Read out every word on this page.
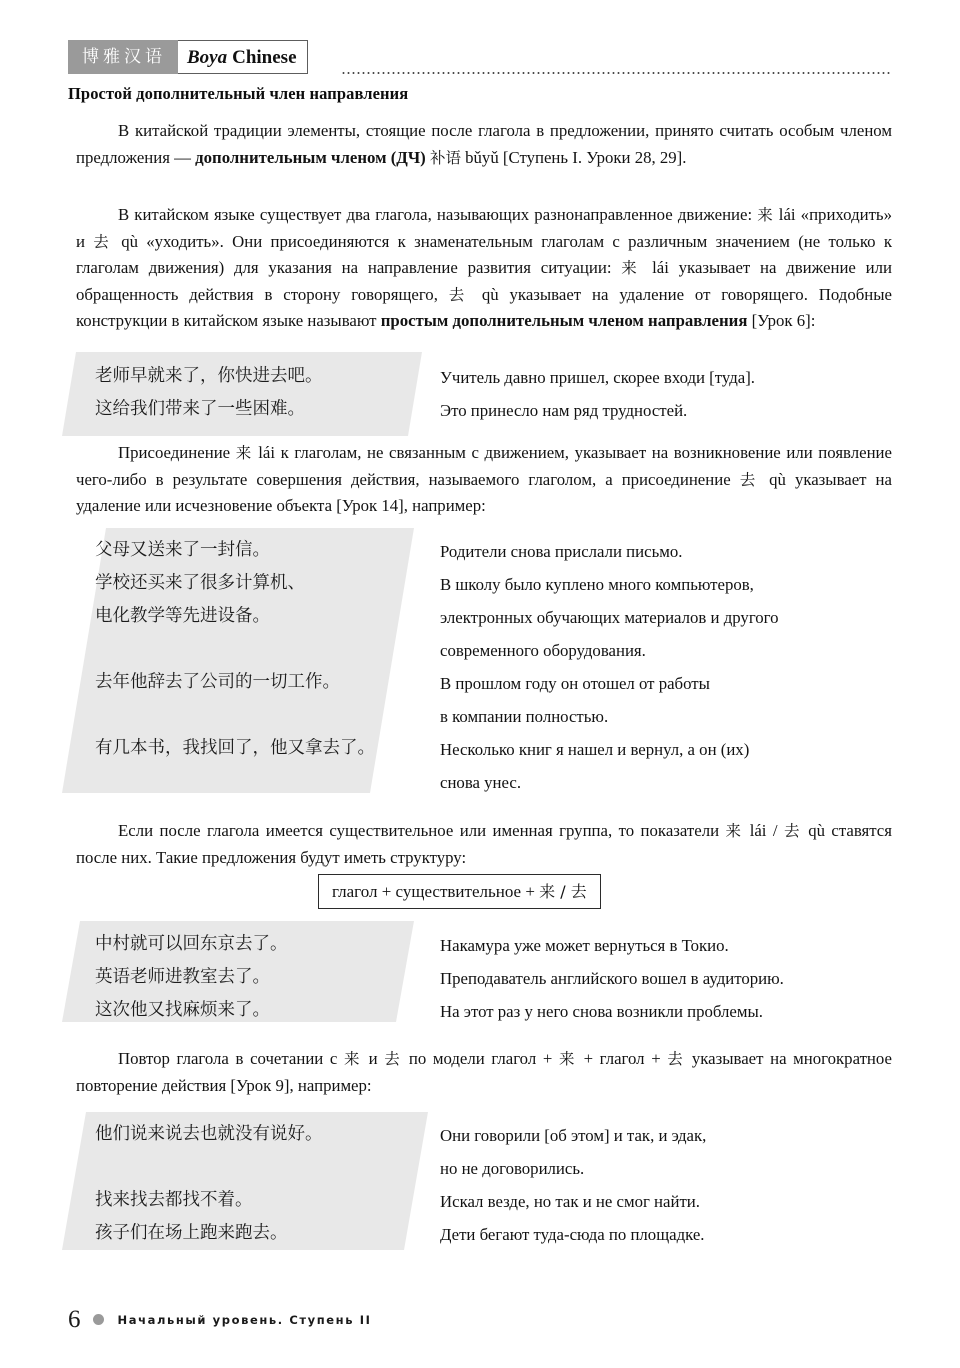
博雅汉语	Boya Chinese
Простой дополнительный член направления
В китайской традиции элементы, стоящие после глагола в предложении, принято считать особым членом предложения — дополнительным членом (ДЧ) 补语 bǔyǔ [Ступень I. Уроки 28, 29].
В китайском языке существует два глагола, называющих разнонаправленное движение: 来 lái «приходить» и 去 qù «уходить». Они присоединяются к знаменательным глаголам с различным значением (не только к глаголам движения) для указания на направление развития ситуации: 来 lái указывает на движение или обращенность действия в сторону говорящего, 去 qù указывает на удаление от говорящего. Подобные конструкции в китайском языке называют простым дополнительным членом направления [Урок 6]:
老师早就来了，你快进去吧。
这给我们带来了一些困难。
Учитель давно пришел, скорее входи [туда].
Это принесло нам ряд трудностей.
Присоединение 来 lái к глаголам, не связанным с движением, указывает на возникновение или появление чего-либо в результате совершения действия, называемого глаголом, а присоединение 去 qù указывает на удаление или исчезновение объекта [Урок 14], например:
父母又送来了一封信。
学校还买来了很多计算机、
电化教学等先进设备。
去年他辞去了公司的一切工作。
有几本书，我找回了，他又拿去了。
Родители снова прислали письмо.
В школу было куплено много компьютеров,
электронных обучающих материалов и другого
современного оборудования.
В прошлом году он отошел от работы
в компании полностью.
Несколько книг я нашел и вернул, а он (их)
снова унес.
Если после глагола имеется существительное или именная группа, то показатели 来 lái / 去 qù ставятся после них. Такие предложения будут иметь структуру:
глагол + существительное + 来 / 去
中村就可以回东京去了。
英语老师进教室去了。
这次他又找麻烦来了。
Накамура уже может вернуться в Токио.
Преподаватель английского вошел в аудиторию.
На этот раз у него снова возникли проблемы.
Повтор глагола в сочетании с 来 и 去 по модели глагол + 来 + глагол + 去 указывает на многократное повторение действия [Урок 9], например:
他们说来说去也就没有说好。
找来找去都找不着。
孩子们在场上跑来跑去。
Они говорили [об этом] и так, и эдак,
но не договорились.
Искал везде, но так и не смог найти.
Дети бегают туда-сюда по площадке.
6	Начальный уровень. Ступень II
